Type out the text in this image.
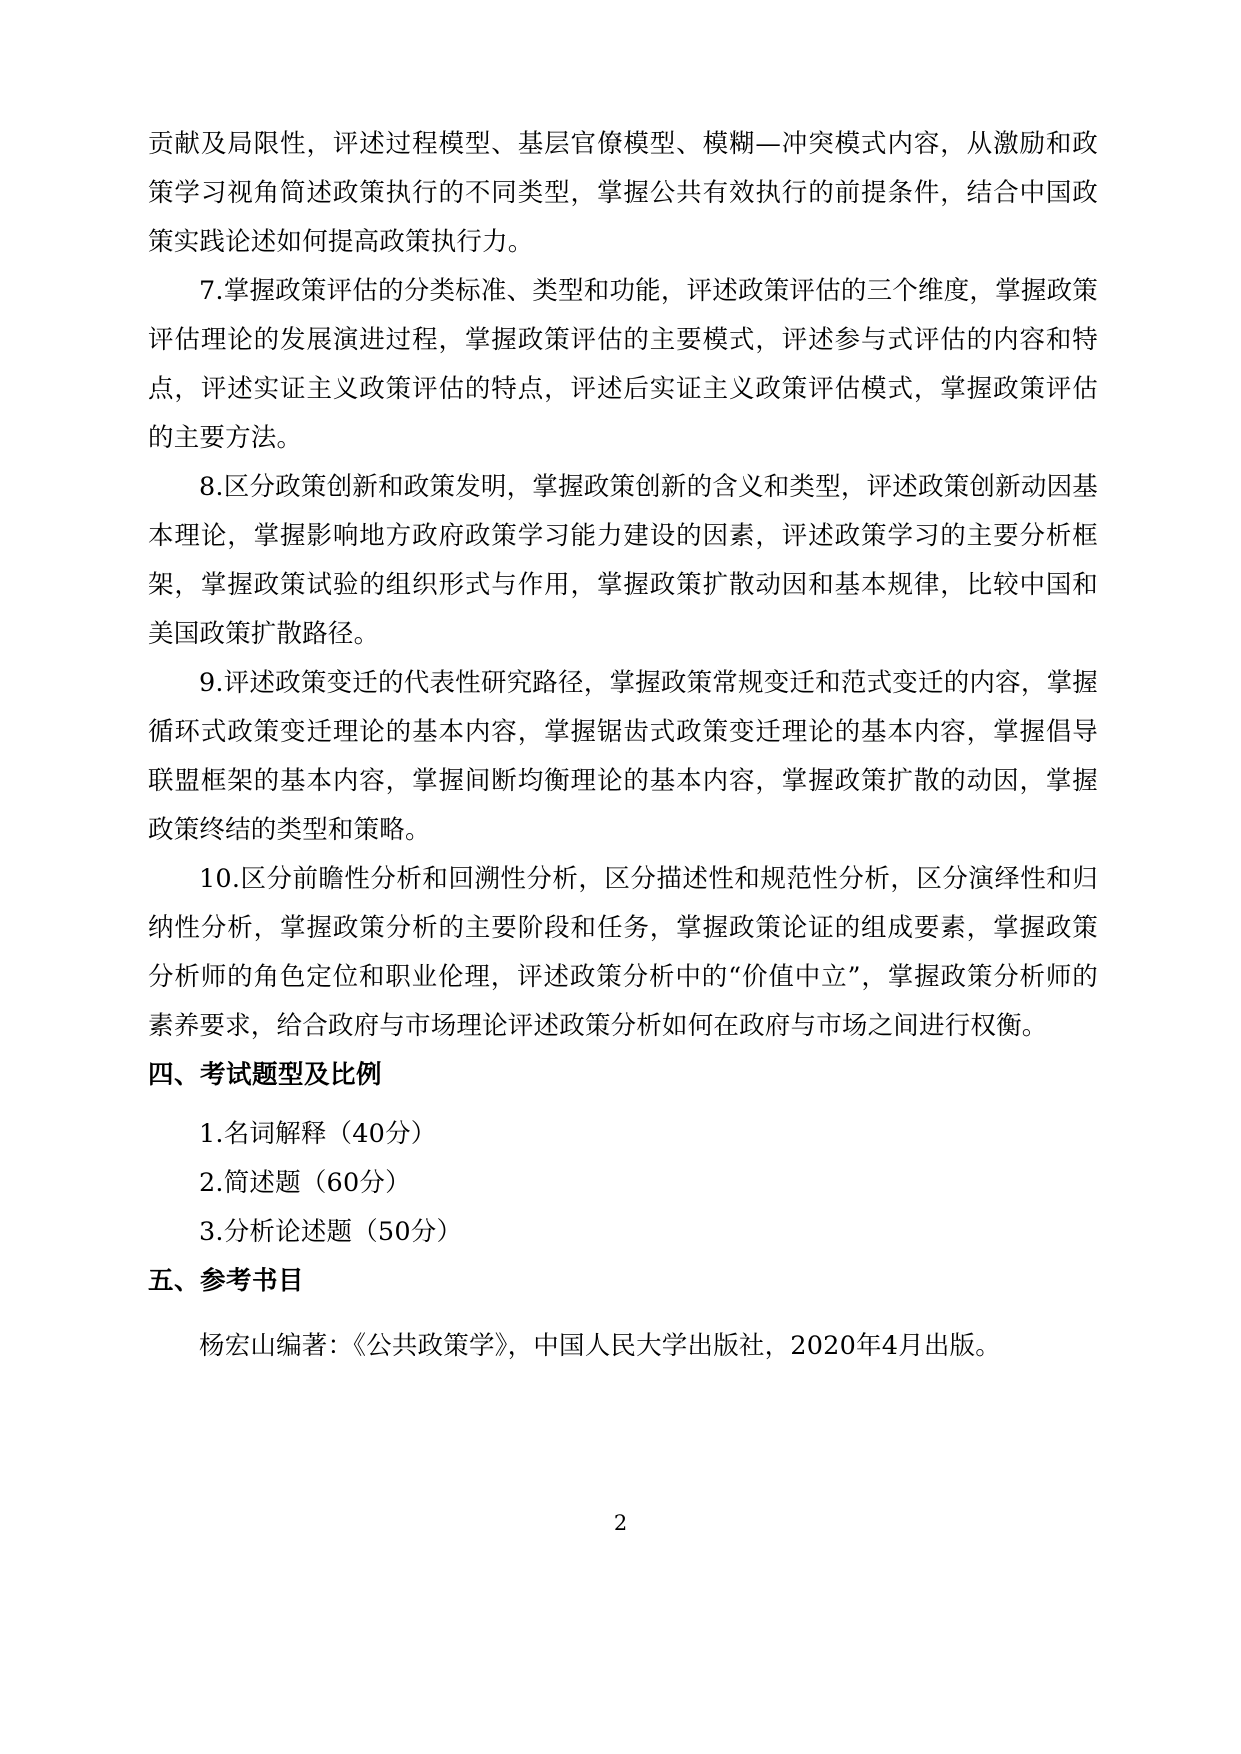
贡献及局限性，评述过程模型、基层官僚模型、模糊—冲突模式内容，从激励和政策学习视角简述政策执行的不同类型，掌握公共有效执行的前提条件，结合中国政策实践论述如何提高政策执行力。

7.掌握政策评估的分类标准、类型和功能，评述政策评估的三个维度，掌握政策评估理论的发展演进过程，掌握政策评估的主要模式，评述参与式评估的内容和特点，评述实证主义政策评估的特点，评述后实证主义政策评估模式，掌握政策评估的主要方法。

8.区分政策创新和政策发明，掌握政策创新的含义和类型，评述政策创新动因基本理论，掌握影响地方政府政策学习能力建设的因素，评述政策学习的主要分析框架，掌握政策试验的组织形式与作用，掌握政策扩散动因和基本规律，比较中国和美国政策扩散路径。

9.评述政策变迁的代表性研究路径，掌握政策常规变迁和范式变迁的内容，掌握循环式政策变迁理论的基本内容，掌握锯齿式政策变迁理论的基本内容，掌握倡导联盟框架的基本内容，掌握间断均衡理论的基本内容，掌握政策扩散的动因，掌握政策终结的类型和策略。

10.区分前瞻性分析和回溯性分析，区分描述性和规范性分析，区分演绎性和归纳性分析，掌握政策分析的主要阶段和任务，掌握政策论证的组成要素，掌握政策分析师的角色定位和职业伦理，评述政策分析中的“价值中立”，掌握政策分析师的素养要求，给合政府与市场理论评述政策分析如何在政府与市场之间进行权衡。

四、考试题型及比例

1.名词解释（40分）

2.简述题（60分）

3.分析论述题（50分）

五、参考书目

杨宏山编著：《公共政策学》，中国人民大学出版社，2020年4月出版。

2
